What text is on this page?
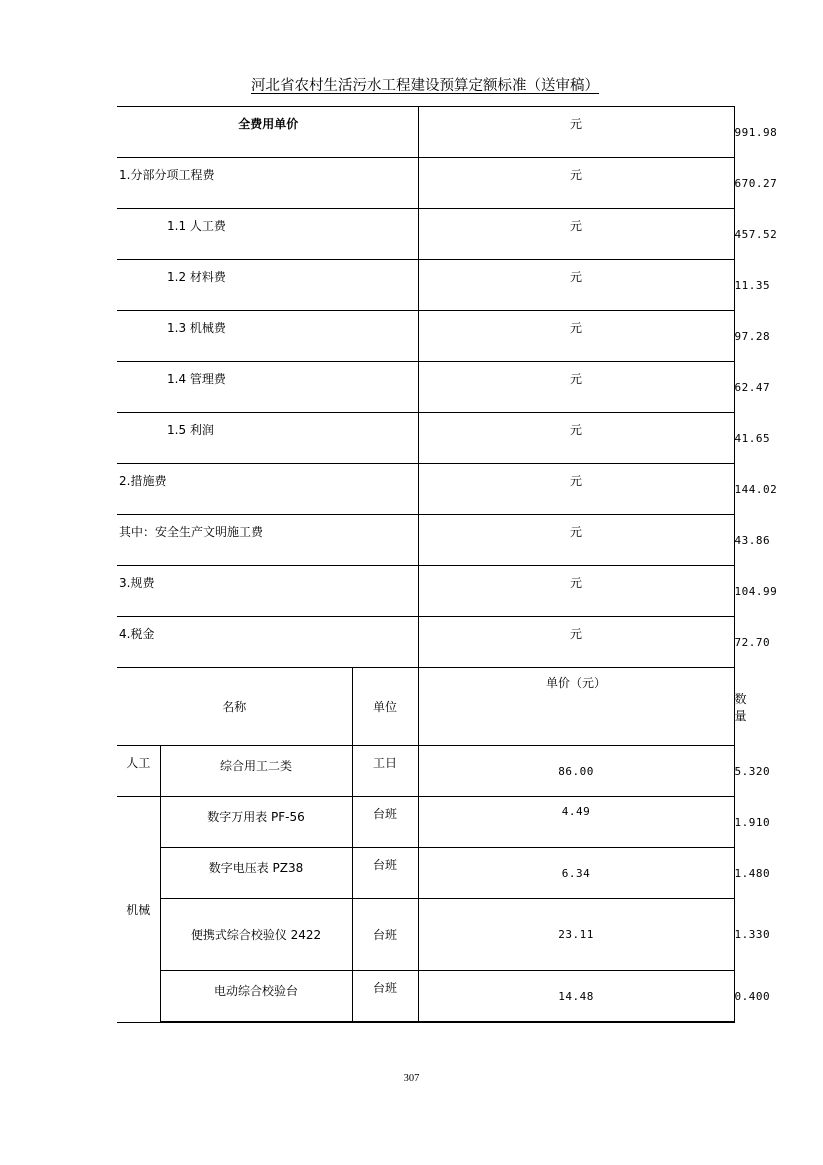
河北省农村生活污水工程建设预算定额标准（送审稿）
全费用单价			元	991.98
1.分部分项工程费			元	670.27
1.1 人工费			元	457.52
1.2 材料费			元	11.35
1.3 机械费			元	97.28
1.4 管理费			元	62.47
1.5 利润			元	41.65
2.措施费			元	144.02
其中：安全生产文明施工费			元	43.86
3.规费			元	104.99
4.税金			元	72.70
名称		单位	单价（元）	数量
人工	综合用工二类	工日	86.00	5.320
机械	数字万用表 PF-56	台班	4.49	1.910
	数字电压表 PZ38	台班	6.34	1.480
	便携式综合校验仪 2422	台班	23.11	1.330
	电动综合校验台	台班	14.48	0.400
307
